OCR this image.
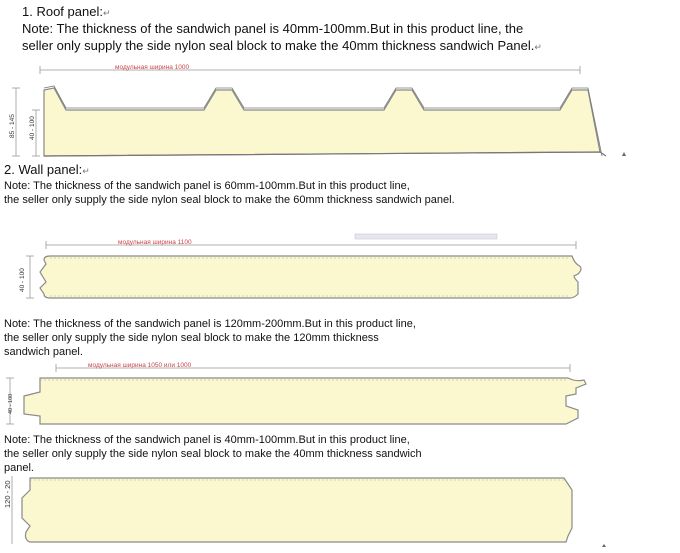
1. Roof panel:↵
Note: The thickness of the sandwich panel is 40mm-100mm.But in this product line, the
seller only supply the side nylon seal block to make the 40mm thickness sandwich Panel.↵
модульная ширина 1000
85 - 145 40 - 100
2. Wall panel:↵
Note: The thickness of the sandwich panel is 60mm-100mm.But in this product line,
the seller only supply the side nylon seal block to make the 60mm thickness sandwich panel.
модульная ширина 1100
40 - 100
Note: The thickness of the sandwich panel is 120mm-200mm.But in this product line,
the seller only supply the side nylon seal block to make the 120mm thickness
sandwich panel.
модульная ширина 1050 или 1000
40 - 100
Note: The thickness of the sandwich panel is 40mm-100mm.But in this product line,
the seller only supply the side nylon seal block to make the 40mm thickness sandwich
panel.
120 - 20
